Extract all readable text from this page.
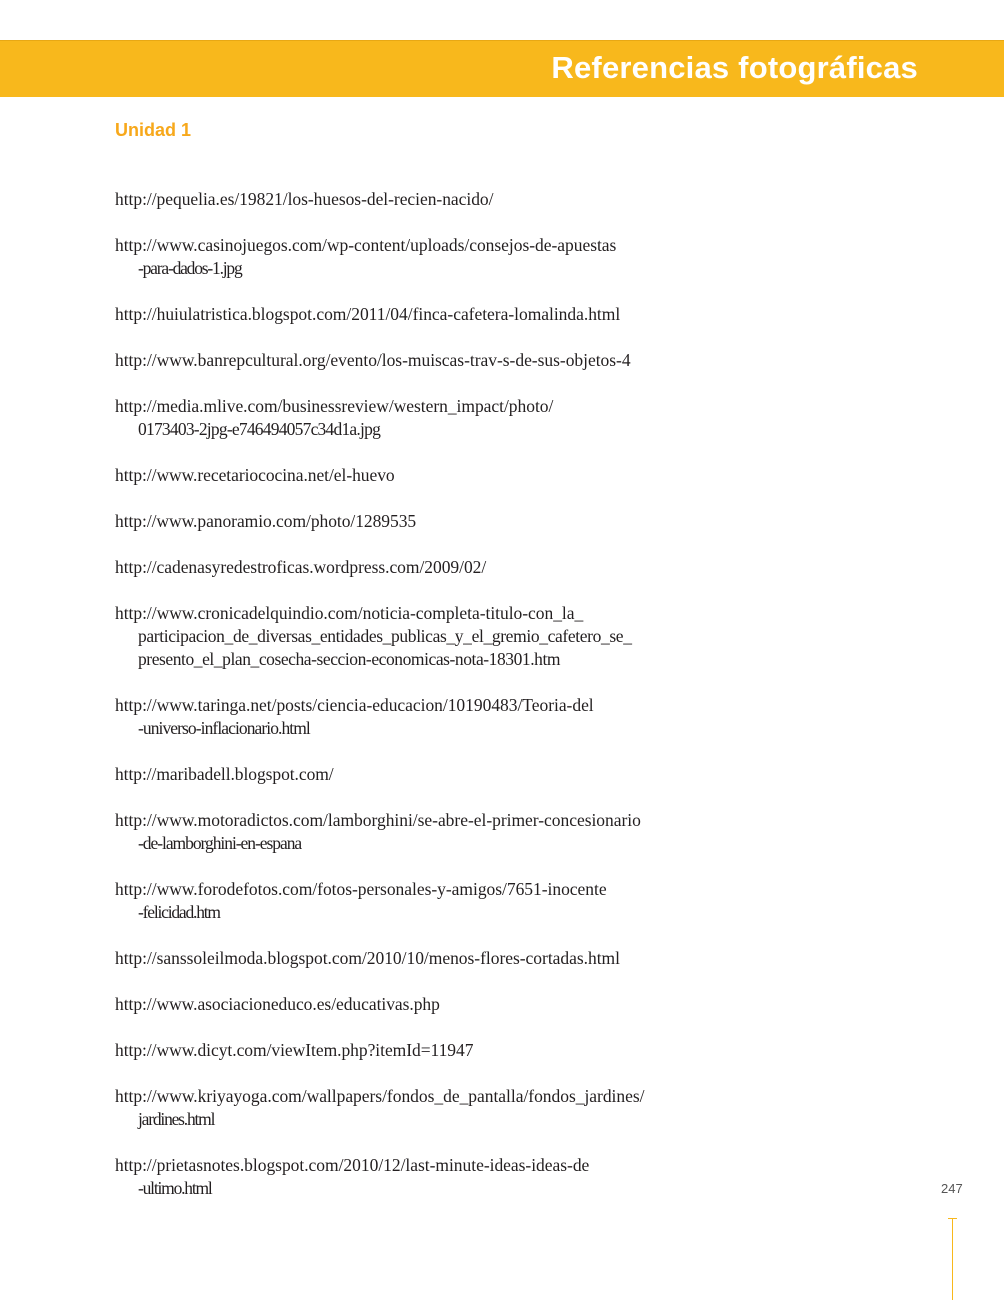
Referencias fotográficas
Unidad 1
http://pequelia.es/19821/los-huesos-del-recien-nacido/
http://www.casinojuegos.com/wp-content/uploads/consejos-de-apuestas
-para-dados-1.jpg
http://huiulatristica.blogspot.com/2011/04/finca-cafetera-lomalinda.html
http://www.banrepcultural.org/evento/los-muiscas-trav-s-de-sus-objetos-4
http://media.mlive.com/businessreview/western_impact/photo/
0173403-2jpg-e746494057c34d1a.jpg
http://www.recetariococina.net/el-huevo
http://www.panoramio.com/photo/1289535
http://cadenasyredestroficas.wordpress.com/2009/02/
http://www.cronicadelquindio.com/noticia-completa-titulo-con_la_
participacion_de_diversas_entidades_publicas_y_el_gremio_cafetero_se_
presento_el_plan_cosecha-seccion-economicas-nota-18301.htm
http://www.taringa.net/posts/ciencia-educacion/10190483/Teoria-del
-universo-inflacionario.html
http://maribadell.blogspot.com/
http://www.motoradictos.com/lamborghini/se-abre-el-primer-concesionario
-de-lamborghini-en-espana
http://www.forodefotos.com/fotos-personales-y-amigos/7651-inocente
-felicidad.htm
http://sanssoleilmoda.blogspot.com/2010/10/menos-flores-cortadas.html
http://www.asociacioneduco.es/educativas.php
http://www.dicyt.com/viewItem.php?itemId=11947
http://www.kriyayoga.com/wallpapers/fondos_de_pantalla/fondos_jardines/
jardines.html
http://prietasnotes.blogspot.com/2010/12/last-minute-ideas-ideas-de
-ultimo.html	247
